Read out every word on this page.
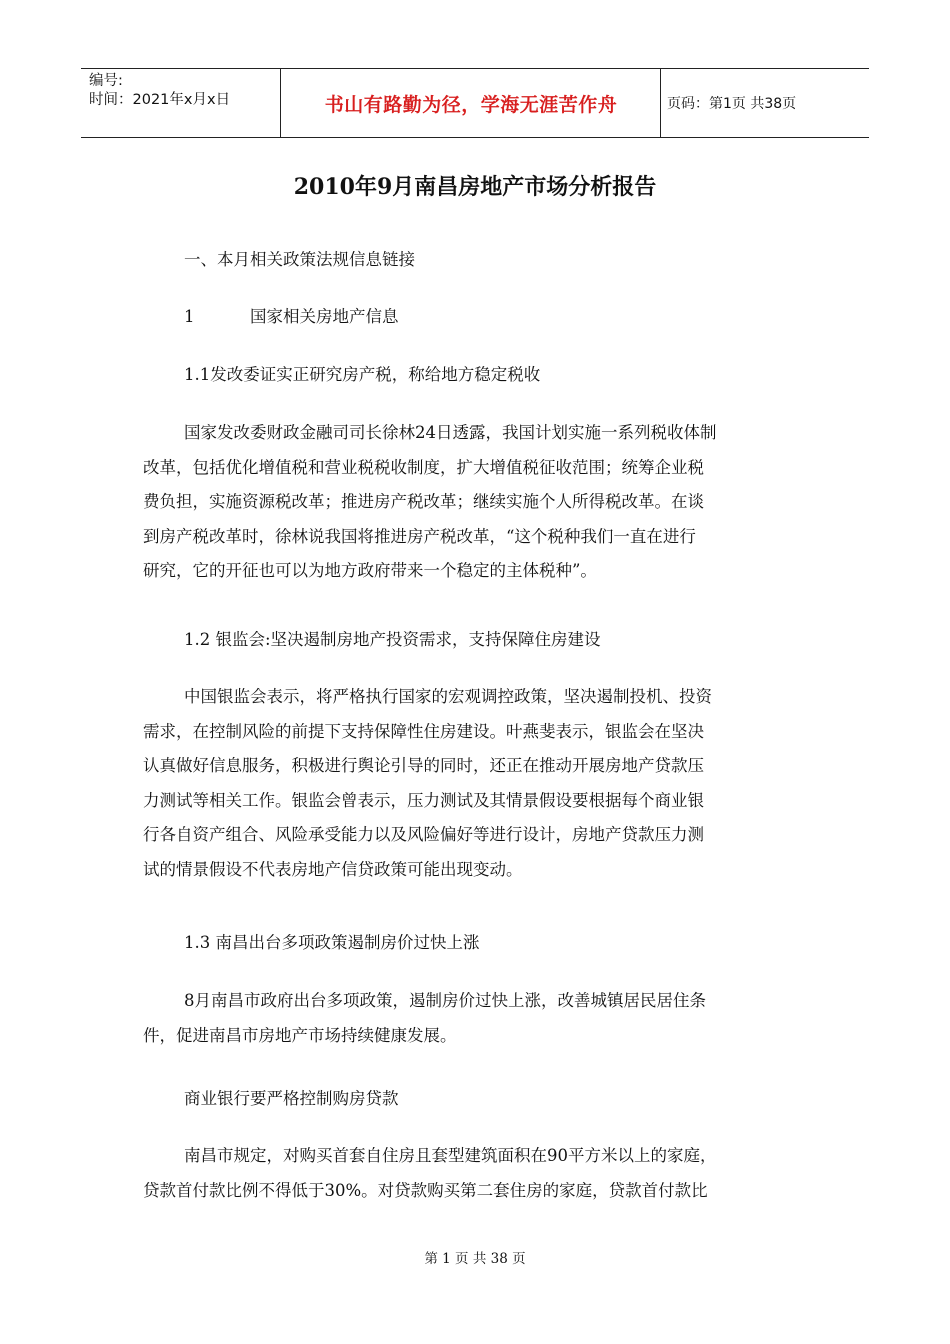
编号:
时间：2021年x月x日	书山有路勤为径，学海无涯苦作舟	页码：第1页 共38页
2010年9月南昌房地产市场分析报告
一、本月相关政策法规信息链接
1	国家相关房地产信息
1.1发改委证实正研究房产税，称给地方稳定税收
国家发改委财政金融司司长徐林24日透露，我国计划实施一系列税收体制
改革，包括优化增值税和营业税税收制度，扩大增值税征收范围；统筹企业税
费负担，实施资源税改革；推进房产税改革；继续实施个人所得税改革。在谈
到房产税改革时，徐林说我国将推进房产税改革，“这个税种我们一直在进行
研究，它的开征也可以为地方政府带来一个稳定的主体税种”。
1.2 银监会:坚决遏制房地产投资需求，支持保障住房建设
中国银监会表示，将严格执行国家的宏观调控政策，坚决遏制投机、投资
需求，在控制风险的前提下支持保障性住房建设。叶燕斐表示，银监会在坚决
认真做好信息服务，积极进行舆论引导的同时，还正在推动开展房地产贷款压
力测试等相关工作。银监会曾表示，压力测试及其情景假设要根据每个商业银
行各自资产组合、风险承受能力以及风险偏好等进行设计，房地产贷款压力测
试的情景假设不代表房地产信贷政策可能出现变动。
1.3 南昌出台多项政策遏制房价过快上涨
8月南昌市政府出台多项政策，遏制房价过快上涨，改善城镇居民居住条
件，促进南昌市房地产市场持续健康发展。
商业银行要严格控制购房贷款
南昌市规定，对购买首套自住房且套型建筑面积在90平方米以上的家庭，
贷款首付款比例不得低于30%。对贷款购买第二套住房的家庭，贷款首付款比
第 1 页 共 38 页
